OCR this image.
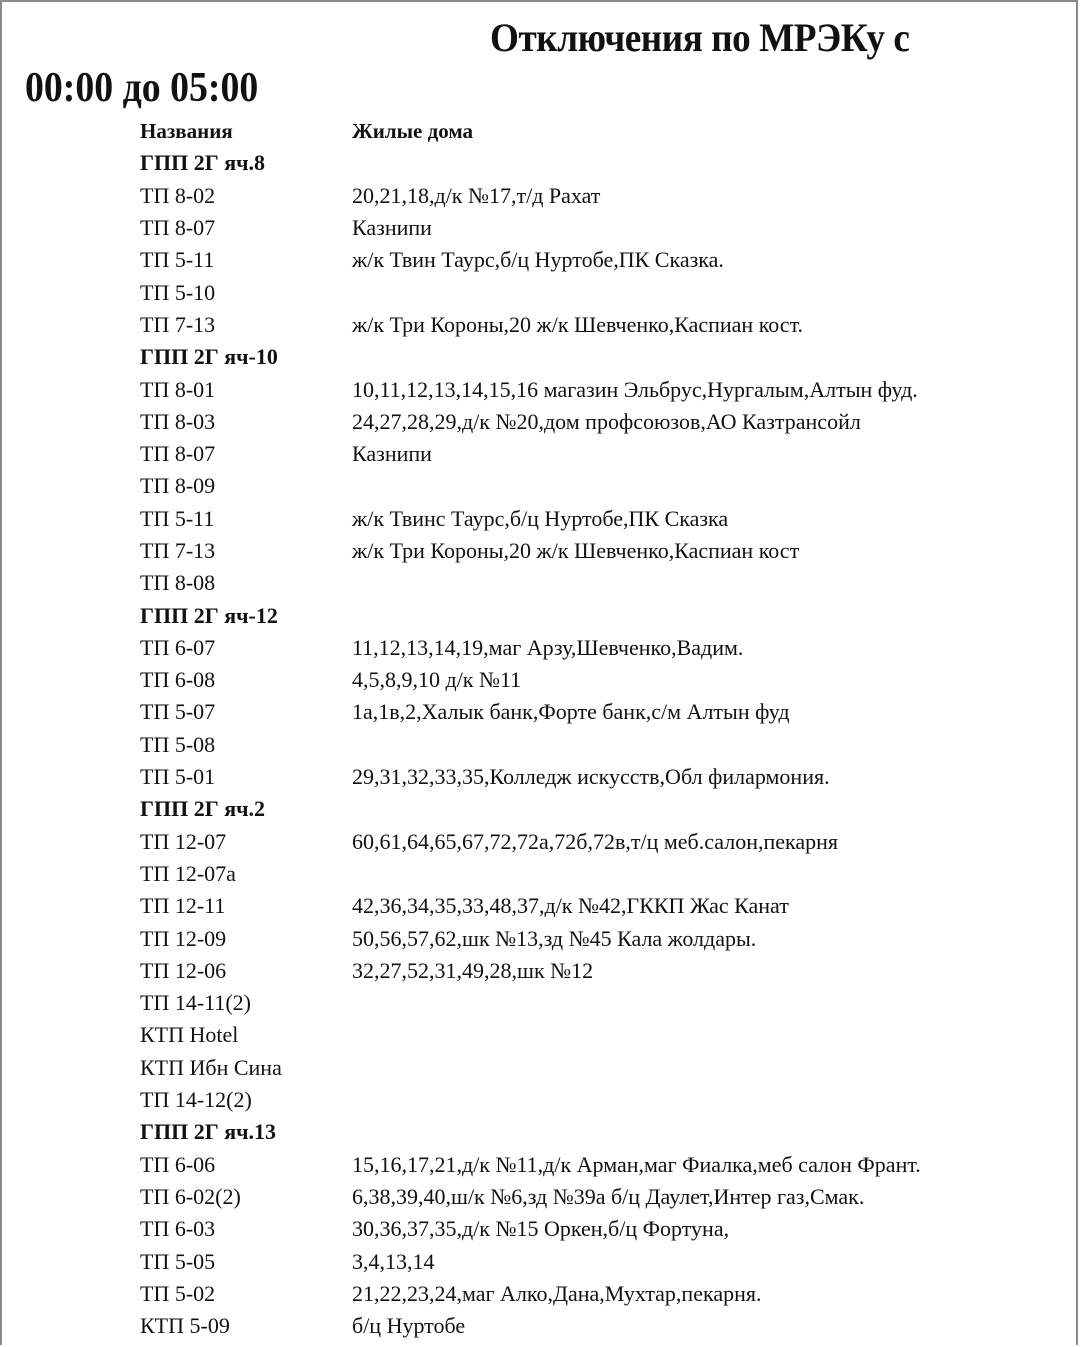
Отключения по МРЭКу с
00:00 до 05:00
Названия	Жилые дома
ГПП 2Г яч.8
ТП 8-02	20,21,18,д/к №17,т/д Рахат
ТП 8-07	Казнипи
ТП 5-11	ж/к Твин Таурс,б/ц Нуртобе,ПК Сказка.
ТП 5-10
ТП 7-13	ж/к Три Короны,20 ж/к Шевченко,Каспиан кост.
ГПП 2Г яч-10
ТП 8-01	10,11,12,13,14,15,16 магазин Эльбрус,Нургалым,Алтын фуд.
ТП 8-03	24,27,28,29,д/к №20,дом профсоюзов,АО Казтрансойл
ТП 8-07	Казнипи
ТП 8-09
ТП 5-11	ж/к Твинс Таурс,б/ц Нуртобе,ПК Сказка
ТП 7-13	ж/к Три Короны,20 ж/к Шевченко,Каспиан кост
ТП 8-08
ГПП 2Г яч-12
ТП 6-07	11,12,13,14,19,маг Арзу,Шевченко,Вадим.
ТП 6-08	4,5,8,9,10 д/к №11
ТП 5-07	1а,1в,2,Халык банк,Форте банк,с/м Алтын фуд
ТП 5-08
ТП 5-01	29,31,32,33,35,Колледж искусств,Обл филармония.
ГПП 2Г яч.2
ТП 12-07	60,61,64,65,67,72,72а,72б,72в,т/ц меб.салон,пекарня
ТП 12-07а
ТП 12-11	42,36,34,35,33,48,37,д/к №42,ГККП Жас Канат
ТП 12-09	50,56,57,62,шк №13,зд №45 Кала жолдары.
ТП 12-06	32,27,52,31,49,28,шк №12
ТП 14-11(2)
КТП Hotel
КТП Ибн Сина
ТП 14-12(2)
ГПП 2Г яч.13
ТП 6-06	15,16,17,21,д/к №11,д/к Арман,маг Фиалка,меб салон Франт.
ТП 6-02(2)	6,38,39,40,ш/к №6,зд №39а б/ц Даулет,Интер газ,Смак.
ТП 6-03	30,36,37,35,д/к №15 Оркен,б/ц Фортуна,
ТП 5-05	3,4,13,14
ТП 5-02	21,22,23,24,маг Алко,Дана,Мухтар,пекарня.
КТП 5-09	б/ц Нуртобе
